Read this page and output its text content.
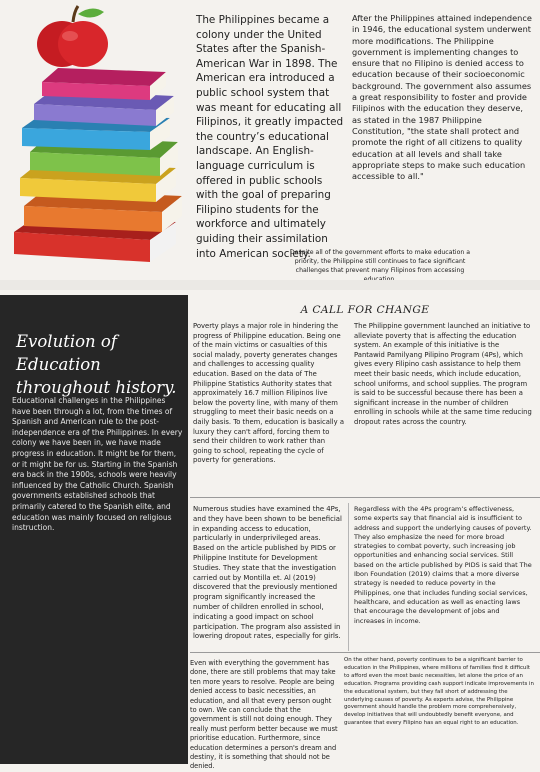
The Philippines became a colony under the United States after the Spanish-American War in 1898. The American era introduced a public school system that was meant for educating all Filipinos, it greatly impacted the country’s educational landscape. An English-language curriculum is offered in public schools with the goal of preparing Filipino students for the workforce and ultimately guiding their assimilation into American society.

After the Philippines attained independence in 1946, the educational system underwent more modifications. The Philippine government is implementing changes to ensure that no Filipino is denied access to education because of their socioeconomic background. The government also assumes a great responsibility to foster and provide Filipinos with the education they deserve, as stated in the 1987 Philippine Constitution, "the state shall protect and promote the right of all citizens to quality education at all levels and shall take appropriate steps to make such education accessible to all."

Despite all of the government efforts to make education a priority, the Philippine still continues to face significant challenges that prevent many Filipinos from accessing

Evolution of Education throughout history.

Educational challenges in the Philippines have been through a lot, from the times of Spanish and American rule to the post-independence era of the Philippines. In every colony we have been in, we have made progress in education. It might be for them, or it might be for us. Starting in the Spanish era back in the 1900s, schools were heavily influenced by the Catholic Church. Spanish governments established schools that primarily catered to the Spanish elite, and education was mainly focused on religious instruction.

A CALL FOR CHANGE

Poverty plays a major role in hindering the progress of Philippine education. Being one of the main victims or casualties of this social malady, poverty generates changes and challenges to accessing quality education. Based on the data of The Philippine Statistics Authority states that approximately 16.7 million Filipinos live below the poverty line, with many of them struggling to meet their basic needs on a daily basis. To them, education is basically a luxury they can't afford, forcing them to send their children to work rather than going to school, repeating the cycle of poverty for generations.

The Philippine government launched an initiative to alleviate poverty that is affecting the education system. An example of this initiative is the Pantawid Pamilyang Pilipino Program (4Ps), which gives every Filipino cash assistance to help them meet their basic needs, which include education, school uniforms, and school supplies. The program is said to be successful because there has been a significant increase in the number of children enrolling in schools while at the same time reducing dropout rates across the country.

Numerous studies have examined the 4Ps, and they have been shown to be beneficial in expanding access to education, particularly in underprivileged areas. Based on the article published by PIDS or Philippine Institute for Development Studies. They state that the investigation carried out by Montilla et. Al (2019) discovered that the previously mentioned program significantly increased the number of children enrolled in school, indicating a good impact on school participation. The program also assisted in lowering dropout rates, especially for girls.

Regardless with the 4Ps program’s effectiveness, some experts say that financial aid is insufficient to address and support the underlying causes of poverty. They also emphasize the need for more broad strategies to combat poverty, such increasing job opportunities and enhancing social services. Still based on the article published by PIDS is said that The Ibon Foundation (2019) claims that a more diverse strategy is needed to reduce poverty in the Philippines, one that includes funding social services, healthcare, and education as well as enacting laws that encourage the development of jobs and increases in income.

Even with everything the government has done, there are still problems that may take ten more years to resolve. People are being denied access to basic necessities, an education, and all that every person ought to own. We can conclude that the government is still not doing enough. They really must perform better because we must prioritise education. Furthermore, since education determines a person's dream and destiny, it is something that should not be denied.

On the other hand, poverty continues to be a significant barrier to education in the Philippines, where millions of families find it difficult to afford even the most basic necessities, let alone the price of an education. Programs providing cash support indicate improvements in the educational system, but they fall short of addressing the underlying causes of poverty. As experts advise, the Philippine government should handle the problem more comprehensively, develop initiatives that will undoubtedly benefit everyone, and guarantee that every Filipino has an equal right to an education.
